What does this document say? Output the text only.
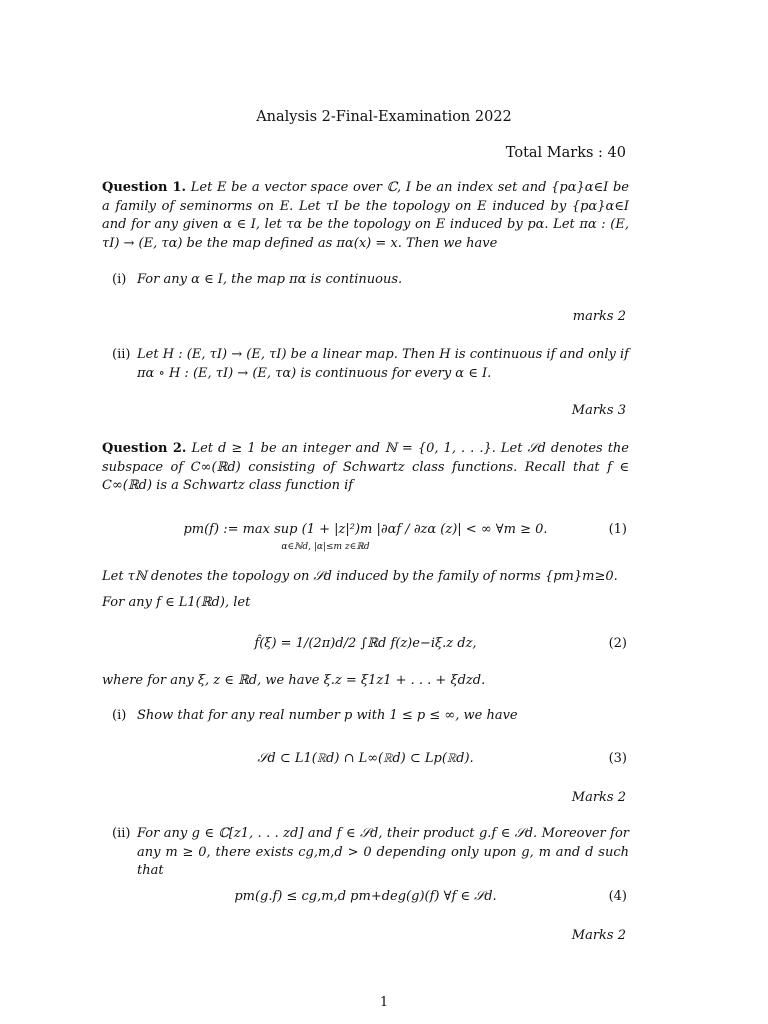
Analysis 2-Final-Examination 2022
Total Marks : 40
Question 1. Let E be a vector space over ℂ, I be an index set and {pα}α∈I be a family of seminorms on E. Let τI be the topology on E induced by {pα}α∈I and for any given α ∈ I, let τα be the topology on E induced by pα. Let πα : (E, τI) → (E, τα) be the map defined as πα(x) = x. Then we have
(i) For any α ∈ I, the map πα is continuous.
marks 2
(ii) Let H : (E, τI) → (E, τI) be a linear map. Then H is continuous if and only if πα ∘ H : (E, τI) → (E, τα) is continuous for every α ∈ I.
Marks 3
Question 2. Let d ≥ 1 be an integer and ℕ = {0, 1, . . .}. Let 𝒮d denotes the subspace of C∞(ℝd) consisting of Schwartz class functions. Recall that f ∈ C∞(ℝd) is a Schwartz class function if
pm(f) := max sup (1 + |z|²)m |∂αf / ∂zα (z)| < ∞ ∀m ≥ 0.
α∈ℕd, |α|≤m z∈ℝd
(1)
Let τℕ denotes the topology on 𝒮d induced by the family of norms {pm}m≥0.
For any f ∈ L1(ℝd), let
f̂(ξ) = 1/(2π)d/2 ∫ℝd f(z)e−iξ.z dz,	(2)
where for any ξ, z ∈ ℝd, we have ξ.z = ξ1z1 + . . . + ξdzd.
(i) Show that for any real number p with 1 ≤ p ≤ ∞, we have
𝒮d ⊂ L1(ℝd) ∩ L∞(ℝd) ⊂ Lp(ℝd).	(3)
Marks 2
(ii) For any g ∈ ℂ[z1, . . . zd] and f ∈ 𝒮d, their product g.f ∈ 𝒮d. Moreover for any m ≥ 0, there exists cg,m,d > 0 depending only upon g, m and d such that
pm(g.f) ≤ cg,m,d pm+deg(g)(f) ∀f ∈ 𝒮d.	(4)
Marks 2
1
